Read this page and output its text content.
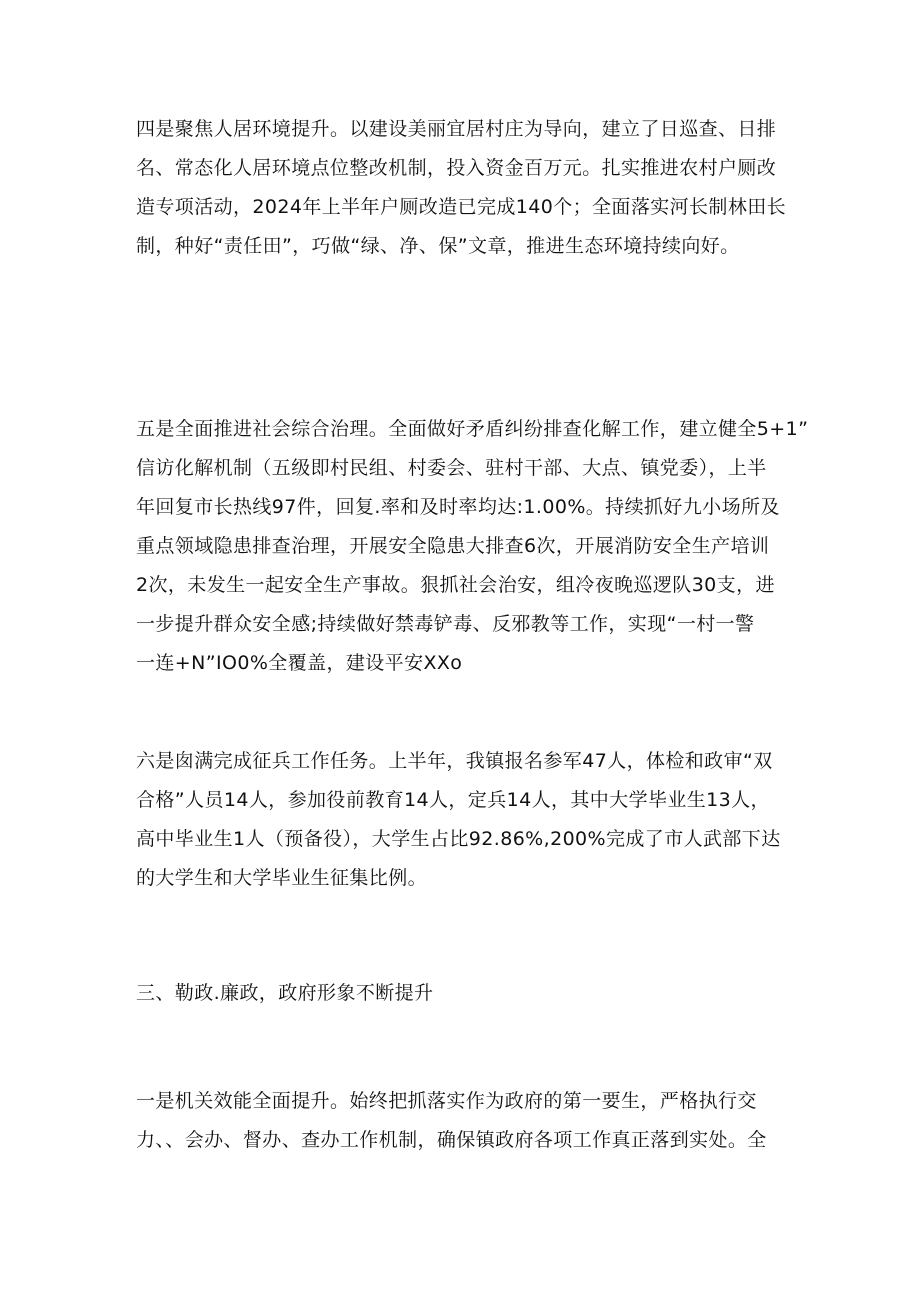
四是聚焦人居环境提升。以建设美丽宜居村庄为导向，建立了日巡查、日排
名、常态化人居环境点位整改机制，投入资金百万元。扎实推进农村户厕改
造专项活动，2024年上半年户厕改造已完成140个；全面落实河长制林田长
制，种好“责任田”，巧做“绿、净、保”文章，推进生态环境持续向好。
五是全面推进社会综合治理。全面做好矛盾纠纷排查化解工作，建立健全5+1”
信访化解机制（五级即村民组、村委会、驻村干部、大点、镇党委），上半
年回复市长热线97件，回复.率和及时率均达:1.00%。持续抓好九小场所及
重点领域隐患排查治理，开展安全隐患大排查6次，开展消防安全生产培训
2次，未发生一起安全生产事故。狠抓社会治安，组冷夜晚巡逻队30支，进
一步提升群众安全感;持续做好禁毒铲毒、反邪教等工作，实现“一村一警
一连+N”IO0%全覆盖，建设平安XXo
六是囱满完成征兵工作任务。上半年，我镇报名参军47人，体检和政审“双
合格”人员14人，参加役前教育14人，定兵14人，其中大学毕业生13人，
高中毕业生1人（预备役），大学生占比92.86%,200%完成了市人武部下达
的大学生和大学毕业生征集比例。
三、勒政.廉政，政府形象不断提升
一是机关效能全面提升。始终把抓落实作为政府的第一要生，严格执行交
力、、会办、督办、查办工作机制，确保镇政府各项工作真正落到实处。全
